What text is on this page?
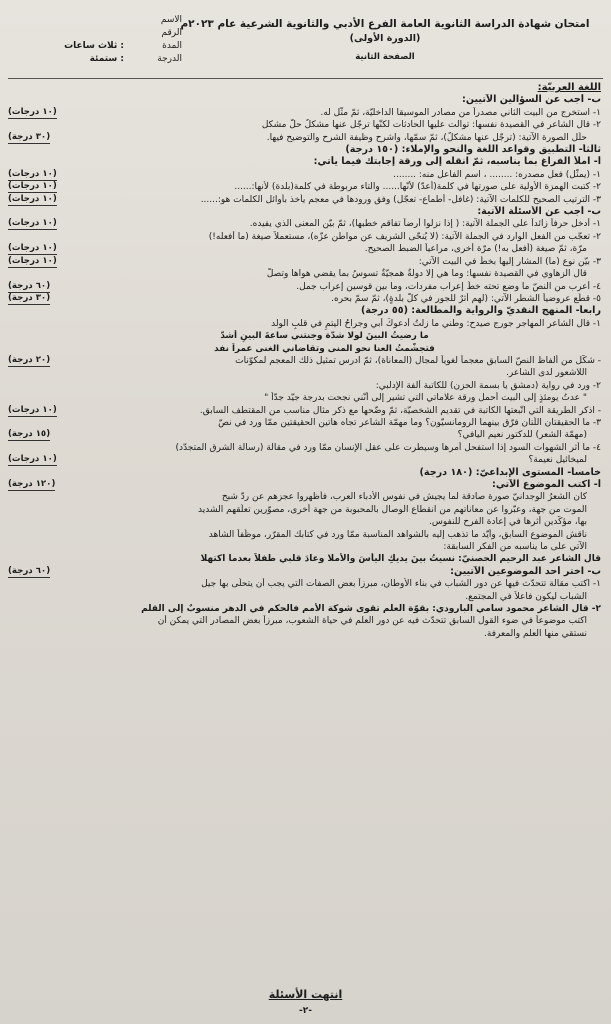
امتحان شهادة الدراسة الثانوية العامة الفرع الأدبي والثانوية الشرعية عام ٢٠٢٣م
(الدورة الأولى)
الصفحة الثانية
الاسم
الرقم
المدة
: ثلاث ساعات
الدرجة
: ستمئة
اللغة العربيّة:
ب- أجب عن السؤالين الآتيين:
١- استخرج من البيت الثاني مصدراً من مصادر الموسيقا الداخليّة، ثمّ مثّل له.
(١٠ درجات)
٢- قال الشاعر في القصيدة نفسها: توالت عليها الحادثات لكنّها ترجّل عنها مشكلٌ حلّ مشكل
حلّل الصورة الآتية: (ترجّل عنها مشكلٌ)، ثمّ سمّها، واشرح وظيفة الشرح والتوضيح فيها.
(٣٠ درجة)
ثالثاً- التطبيق وقواعد اللغة والنحو والإملاء: (١٥٠ درجة)
أ- املأ الفراغ بما يناسبه، ثمّ انقله إلى ورقة إجابتك فيما يأتي:
١- (يمثّل) فعل مصدره: ........ ، اسم الفاعل منه: ........
(١٠ درجات)
٢- كتبت الهمزة الأولية على صورتها في كلمة(أعدّ) لأنّها...... والتاء مربوطة في كلمة(بلدة) لأنها:......
(١٠ درجات)
٣- الترتيب الصحيح للكلمات الآتية: (غافل- أطماع- تعجّل) وفق ورودها في معجم يأخذ بأوائل الكلمات هو:......
(١٠ درجات)
ب- أجب عن الأسئلة الآتية:
١- أدخل حرفاً زائداً على الجملة الآتية: ( إذا نزلوا أرضاً تفاقم خطبها)، ثمّ بيّن المعنى الذي يفيده.
(١٠ درجات)
٢- تعجّب من الفعل الوارد في الجملة الآتية: (لا يُنحّى الشريف عن مواطن عزّه)، مستعملاً صيغة (ما أفعله!)
مرّة، ثمّ صيغة (أفعل به!) مرّة أخرى، مراعياً الضبط الصحيح.
(١٠ درجات)
٣- بيّن نوع (ما) المشار إليها بخطّ في البيت الآتي:
(١٠ درجات)
قال الزهاوي في القصيدة نفسها: وما هي إلا دولةٌ همجيّةٌ تسوسُ بما يقضي هواها وتصلّ
٤- أعرب من النصّ ما وضع تحته خطّ إعراب مفردات، وما بين قوسين إعراب جمل.
(٦٠ درجة)
٥- قطّع عروضياً الشطر الآتي: (لهم أثرٌ للجور في كلّ بلدةٍ)، ثمّ سمّ بحره.
(٣٠ درجة)
رابعاً- المنهج النقديّ والرواية والمطالعة: (٥٥ درجة)
١- قال الشاعر المهاجر جورج صيدح: وطني ما زلتُ أدعوكَ أبي وجراحُ اليتمِ في قلبِ الولد
ما رضيتُ البينَ لولا شدّة وجنتني ساعةَ البينِ أشدّ
فتجشّمتُ العنا نحو المنى وتقاضاني الغنى عمراً نفد
- شكّل من ألفاظ النصّ السابق معجماً لغوياً لمجال (المعاناة)، ثمّ ادرس تمثيل ذلك المعجم لمكوّنات
(٢٠ درجة)
اللاشعور لدى الشاعر.
٢- ورد في رواية (دمشق يا بسمة الحزن) للكاتبة ألفة الإدلبي:
" عدتُ يومئذٍ إلى البيت أحمل ورقة علاماتي التي تشير إلى أنّني نجحت بدرجة جيّد جدّاً "
- اذكر الطريقة التي اتّبعتها الكاتبة في تقديم الشخصيّة، ثمّ وضّحها مع ذكر مثال مناسب من المقتطف السابق.
(١٠ درجات)
٣- ما الحقيقتان اللّتان فرّق بينهما الرومانسيّون؟ وما مهمّة الشاعر تجاه هاتين الحقيقتين ممّا ورد في نصّ
(مهمّة الشعر) للدكتور نعيم اليافي؟
(١٥ درجة)
٤- ما أثر الشهوات السود إذا استفحل أمرها وسيطرت على عقل الإنسان ممّا ورد في مقالة (رسالة الشرق المتجدّد)
لميخائيل نعيمة؟
(١٠ درجات)
خامساً- المستوى الإبداعيّ: (١٨٠ درجة)
أ- اكتب الموضوع الآتي:
(١٢٠ درجة)
كان الشعرُ الوجدانيّ صورة صادقة لما يجيش في نفوس الأدباء العرب، فأظهروا عجزهم عن ردّ شبح
الموت من جهة، وعبّروا عن معاناتهم من انقطاع الوصال بالمحبوبة من جهة أخرى، مصوّرين تعلّقهم الشديد
بها، مؤكّدين أثرها في إعادة الفرح للنفوس.
ناقش الموضوع السابق، وأيّد ما تذهب إليه بالشواهد المناسبة ممّا ورد في كتابك المقرّر، موظّفاً الشاهد
الآتي على ما يناسبه من الفكر السابقة:
قال الشاعر عبد الرحيم الحصنيّ: نسيتُ بينَ يديكِ اليأسَ والأملا وعادَ قلبي طفلاً بعدما اكتهلا
ب- اختر أحد الموضوعين الآتيين:
(٦٠ درجة)
١- اكتب مقالة تتحدّث فيها عن دور الشباب في بناء الأوطان، مبرزاً بعض الصفات التي يجب أن يتحلّى بها جيل
الشباب ليكون فاعلاً في المجتمع.
٢- قال الشاعر محمود سامي البارودي: بقوّة العلم تقوى شوكة الأمم فالحكم في الدهر منسوبٌ إلى القلم
اكتب موضوعاً في ضوء القول السابق تتحدّث فيه عن دور العلم في حياة الشعوب، مبرزاً بعض المصادر التي يمكن أن
نستقي منها العلم والمعرفة.
انتهت الأسئلة
-٢-
